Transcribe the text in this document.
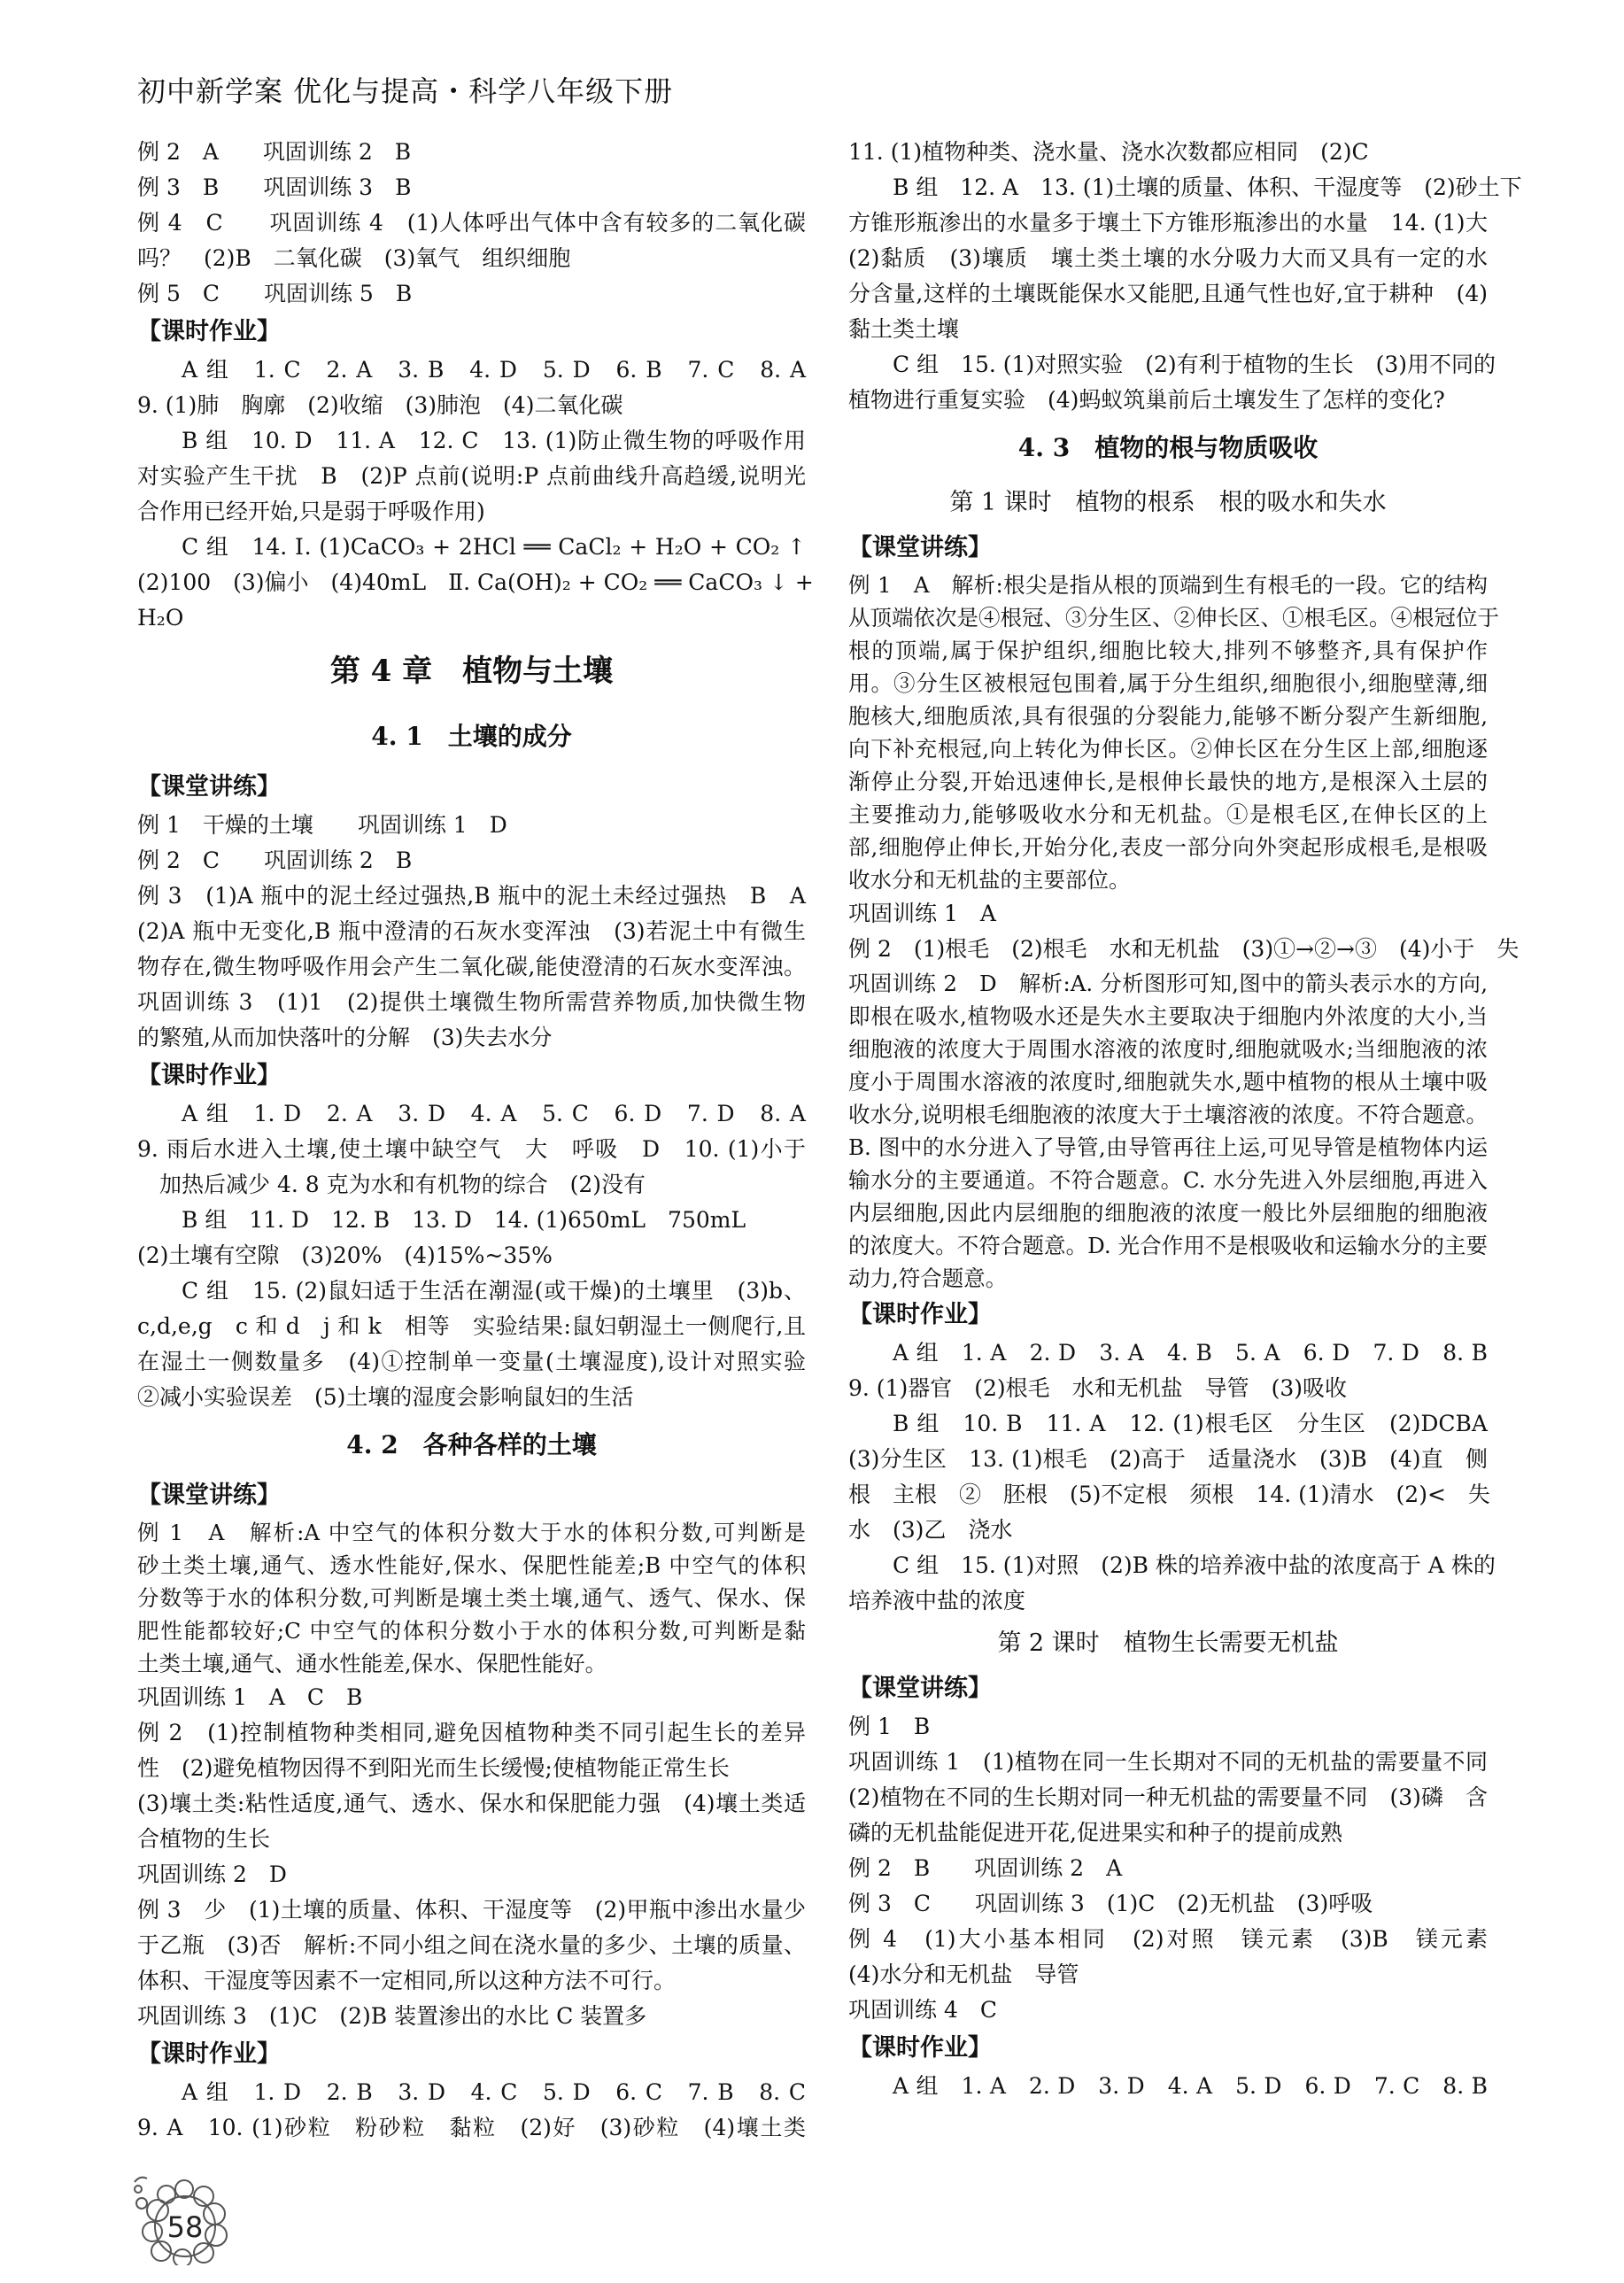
初中新学案 优化与提高・科学八年级下册
例 2　A　　巩固训练 2　B
例 3　B　　巩固训练 3　B
例 4　C　　巩固训练 4　(1)人体呼出气体中含有较多的二氧化碳
吗？　(2)B　二氧化碳　(3)氧气　组织细胞
例 5　C　　巩固训练 5　B
【课时作业】
A 组　1. C　2. A　3. B　4. D　5. D　6. B　7. C　8. A
9. (1)肺　胸廓　(2)收缩　(3)肺泡　(4)二氧化碳
B 组　10. D　11. A　12. C　13. (1)防止微生物的呼吸作用
对实验产生干扰　B　(2)P 点前(说明:P 点前曲线升高趋缓,说明光
合作用已经开始,只是弱于呼吸作用)
C 组　14. Ⅰ. (1)CaCO₃ + 2HCl ══ CaCl₂ + H₂O + CO₂ ↑
(2)100　(3)偏小　(4)40mL　Ⅱ. Ca(OH)₂ + CO₂ ══ CaCO₃ ↓ +
H₂O
第 4 章　植物与土壤
4. 1　土壤的成分
【课堂讲练】
例 1　干燥的土壤　　巩固训练 1　D
例 2　C　　巩固训练 2　B
例 3　(1)A 瓶中的泥土经过强热,B 瓶中的泥土未经过强热　B　A
(2)A 瓶中无变化,B 瓶中澄清的石灰水变浑浊　(3)若泥土中有微生
物存在,微生物呼吸作用会产生二氧化碳,能使澄清的石灰水变浑浊。
巩固训练 3　(1)1　(2)提供土壤微生物所需营养物质,加快微生物
的繁殖,从而加快落叶的分解　(3)失去水分
【课时作业】
A 组　1. D　2. A　3. D　4. A　5. C　6. D　7. D　8. A
9. 雨后水进入土壤,使土壤中缺空气　大　呼吸　D　10. (1)小于
　加热后减少 4. 8 克为水和有机物的综合　(2)没有
B 组　11. D　12. B　13. D　14. (1)650mL　750mL
(2)土壤有空隙　(3)20%　(4)15%~35%
C 组　15. (2)鼠妇适于生活在潮湿(或干燥)的土壤里　(3)b、
c,d,e,g　c 和 d　j 和 k　相等　实验结果:鼠妇朝湿土一侧爬行,且
在湿土一侧数量多　(4)①控制单一变量(土壤湿度),设计对照实验
②减小实验误差　(5)土壤的湿度会影响鼠妇的生活
4. 2　各种各样的土壤
【课堂讲练】
例 1　A　解析:A 中空气的体积分数大于水的体积分数,可判断是
砂土类土壤,通气、透水性能好,保水、保肥性能差;B 中空气的体积
分数等于水的体积分数,可判断是壤土类土壤,通气、透气、保水、保
肥性能都较好;C 中空气的体积分数小于水的体积分数,可判断是黏
土类土壤,通气、通水性能差,保水、保肥性能好。
巩固训练 1　A　C　B
例 2　(1)控制植物种类相同,避免因植物种类不同引起生长的差异
性　(2)避免植物因得不到阳光而生长缓慢;使植物能正常生长
(3)壤土类:粘性适度,通气、透水、保水和保肥能力强　(4)壤土类适
合植物的生长
巩固训练 2　D
例 3　少　(1)土壤的质量、体积、干湿度等　(2)甲瓶中渗出水量少
于乙瓶　(3)否　解析:不同小组之间在浇水量的多少、土壤的质量、
体积、干湿度等因素不一定相同,所以这种方法不可行。
巩固训练 3　(1)C　(2)B 装置渗出的水比 C 装置多
【课时作业】
A 组　1. D　2. B　3. D　4. C　5. D　6. C　7. B　8. C
9. A　10. (1)砂粒　粉砂粒　黏粒　(2)好　(3)砂粒　(4)壤土类
11. (1)植物种类、浇水量、浇水次数都应相同　(2)C
B 组　12. A　13. (1)土壤的质量、体积、干湿度等　(2)砂土下
方锥形瓶渗出的水量多于壤土下方锥形瓶渗出的水量　14. (1)大
(2)黏质　(3)壤质　壤土类土壤的水分吸力大而又具有一定的水
分含量,这样的土壤既能保水又能肥,且通气性也好,宜于耕种　(4)
黏土类土壤
C 组　15. (1)对照实验　(2)有利于植物的生长　(3)用不同的
植物进行重复实验　(4)蚂蚁筑巢前后土壤发生了怎样的变化?
4. 3　植物的根与物质吸收
第 1 课时　植物的根系　根的吸水和失水
【课堂讲练】
例 1　A　解析:根尖是指从根的顶端到生有根毛的一段。它的结构
从顶端依次是④根冠、③分生区、②伸长区、①根毛区。④根冠位于
根的顶端,属于保护组织,细胞比较大,排列不够整齐,具有保护作
用。③分生区被根冠包围着,属于分生组织,细胞很小,细胞壁薄,细
胞核大,细胞质浓,具有很强的分裂能力,能够不断分裂产生新细胞,
向下补充根冠,向上转化为伸长区。②伸长区在分生区上部,细胞逐
渐停止分裂,开始迅速伸长,是根伸长最快的地方,是根深入土层的
主要推动力,能够吸收水分和无机盐。①是根毛区,在伸长区的上
部,细胞停止伸长,开始分化,表皮一部分向外突起形成根毛,是根吸
收水分和无机盐的主要部位。
巩固训练 1　A
例 2　(1)根毛　(2)根毛　水和无机盐　(3)①→②→③　(4)小于　失
巩固训练 2　D　解析:A. 分析图形可知,图中的箭头表示水的方向,
即根在吸水,植物吸水还是失水主要取决于细胞内外浓度的大小,当
细胞液的浓度大于周围水溶液的浓度时,细胞就吸水;当细胞液的浓
度小于周围水溶液的浓度时,细胞就失水,题中植物的根从土壤中吸
收水分,说明根毛细胞液的浓度大于土壤溶液的浓度。不符合题意。
B. 图中的水分进入了导管,由导管再往上运,可见导管是植物体内运
输水分的主要通道。不符合题意。C. 水分先进入外层细胞,再进入
内层细胞,因此内层细胞的细胞液的浓度一般比外层细胞的细胞液
的浓度大。不符合题意。D. 光合作用不是根吸收和运输水分的主要
动力,符合题意。
【课时作业】
A 组　1. A　2. D　3. A　4. B　5. A　6. D　7. D　8. B
9. (1)器官　(2)根毛　水和无机盐　导管　(3)吸收
B 组　10. B　11. A　12. (1)根毛区　分生区　(2)DCBA
(3)分生区　13. (1)根毛　(2)高于　适量浇水　(3)B　(4)直　侧
根　主根　②　胚根　(5)不定根　须根　14. (1)清水　(2)<　失
水　(3)乙　浇水
C 组　15. (1)对照　(2)B 株的培养液中盐的浓度高于 A 株的
培养液中盐的浓度
第 2 课时　植物生长需要无机盐
【课堂讲练】
例 1　B
巩固训练 1　(1)植物在同一生长期对不同的无机盐的需要量不同
(2)植物在不同的生长期对同一种无机盐的需要量不同　(3)磷　含
磷的无机盐能促进开花,促进果实和种子的提前成熟
例 2　B　　巩固训练 2　A
例 3　C　　巩固训练 3　(1)C　(2)无机盐　(3)呼吸
例 4　(1)大小基本相同　(2)对照　镁元素　(3)B　镁元素
(4)水分和无机盐　导管
巩固训练 4　C
【课时作业】
A 组　1. A　2. D　3. D　4. A　5. D　6. D　7. C　8. B
58
